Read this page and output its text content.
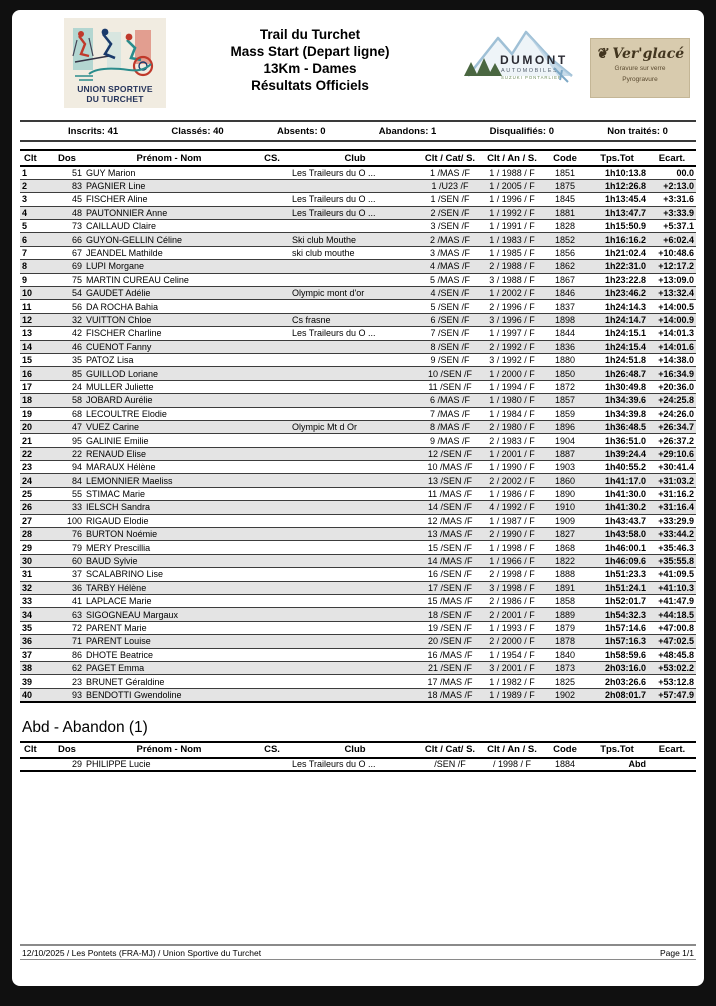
UNION SPORTIVE
DU TURCHET
Trail du Turchet
Mass Start (Depart ligne)
13Km - Dames
Résultats Officiels
DUMONT
AUTOMOBILES
SUZUKI PONTARLIER
❦ Ver'glacé
Gravure sur verre
Pyrogravure
Inscrits: 41	Classés: 40	Absents: 0	Abandons: 1	Disqualifiés: 0	Non traités: 0
Clt	Dos	Prénom - Nom	CS.	Club	Clt / Cat/ S.	Clt / An / S.	Code	Tps.Tot	Ecart.
1	51	GUY Marion		Les Traileurs du O ...	1 /MAS /F	1 / 1988 / F	1851	1h10:13.8	00.0
2	83	PAGNIER Line			1 /U23 /F	1 / 2005 / F	1875	1h12:26.8	+2:13.0
3	45	FISCHER Aline		Les Traileurs du O ...	1 /SEN /F	1 / 1996 / F	1845	1h13:45.4	+3:31.6
4	48	PAUTONNIER Anne		Les Traileurs du O ...	2 /SEN /F	1 / 1992 / F	1881	1h13:47.7	+3:33.9
5	73	CAILLAUD Claire			3 /SEN /F	1 / 1991 / F	1828	1h15:50.9	+5:37.1
6	66	GUYON-GELLIN Céline		Ski club Mouthe	2 /MAS /F	1 / 1983 / F	1852	1h16:16.2	+6:02.4
7	67	JEANDEL Mathilde		ski club mouthe	3 /MAS /F	1 / 1985 / F	1856	1h21:02.4	+10:48.6
8	69	LUPI Morgane			4 /MAS /F	2 / 1988 / F	1862	1h22:31.0	+12:17.2
9	75	MARTIN CUREAU Celine			5 /MAS /F	3 / 1988 / F	1867	1h23:22.8	+13:09.0
10	54	GAUDET Adélie		Olympic mont d'or	4 /SEN /F	1 / 2002 / F	1846	1h23:46.2	+13:32.4
11	56	DA ROCHA Bahia			5 /SEN /F	2 / 1996 / F	1837	1h24:14.3	+14:00.5
12	32	VUITTON Chloe		Cs frasne	6 /SEN /F	3 / 1996 / F	1898	1h24:14.7	+14:00.9
13	42	FISCHER Charline		Les Traileurs du O ...	7 /SEN /F	1 / 1997 / F	1844	1h24:15.1	+14:01.3
14	46	CUENOT Fanny			8 /SEN /F	2 / 1992 / F	1836	1h24:15.4	+14:01.6
15	35	PATOZ Lisa			9 /SEN /F	3 / 1992 / F	1880	1h24:51.8	+14:38.0
16	85	GUILLOD Loriane			10 /SEN /F	1 / 2000 / F	1850	1h26:48.7	+16:34.9
17	24	MULLER Juliette			11 /SEN /F	1 / 1994 / F	1872	1h30:49.8	+20:36.0
18	58	JOBARD Aurélie			6 /MAS /F	1 / 1980 / F	1857	1h34:39.6	+24:25.8
19	68	LECOULTRE Elodie			7 /MAS /F	1 / 1984 / F	1859	1h34:39.8	+24:26.0
20	47	VUEZ Carine		Olympic Mt d Or	8 /MAS /F	2 / 1980 / F	1896	1h36:48.5	+26:34.7
21	95	GALINIE Emilie			9 /MAS /F	2 / 1983 / F	1904	1h36:51.0	+26:37.2
22	22	RENAUD Elise			12 /SEN /F	1 / 2001 / F	1887	1h39:24.4	+29:10.6
23	94	MARAUX Hélène			10 /MAS /F	1 / 1990 / F	1903	1h40:55.2	+30:41.4
24	84	LEMONNIER Maeliss			13 /SEN /F	2 / 2002 / F	1860	1h41:17.0	+31:03.2
25	55	STIMAC Marie			11 /MAS /F	1 / 1986 / F	1890	1h41:30.0	+31:16.2
26	33	IELSCH Sandra			14 /SEN /F	4 / 1992 / F	1910	1h41:30.2	+31:16.4
27	100	RIGAUD Elodie			12 /MAS /F	1 / 1987 / F	1909	1h43:43.7	+33:29.9
28	76	BURTON Noémie			13 /MAS /F	2 / 1990 / F	1827	1h43:58.0	+33:44.2
29	79	MERY Prescillia			15 /SEN /F	1 / 1998 / F	1868	1h46:00.1	+35:46.3
30	60	BAUD Sylvie			14 /MAS /F	1 / 1966 / F	1822	1h46:09.6	+35:55.8
31	37	SCALABRINO Lise			16 /SEN /F	2 / 1998 / F	1888	1h51:23.3	+41:09.5
32	36	TARBY Hélène			17 /SEN /F	3 / 1998 / F	1891	1h51:24.1	+41:10.3
33	41	LAPLACE Marie			15 /MAS /F	2 / 1986 / F	1858	1h52:01.7	+41:47.9
34	63	SIGOGNEAU Margaux			18 /SEN /F	2 / 2001 / F	1889	1h54:32.3	+44:18.5
35	72	PARENT Marie			19 /SEN /F	1 / 1993 / F	1879	1h57:14.6	+47:00.8
36	71	PARENT Louise			20 /SEN /F	2 / 2000 / F	1878	1h57:16.3	+47:02.5
37	86	DHOTE Beatrice			16 /MAS /F	1 / 1954 / F	1840	1h58:59.6	+48:45.8
38	62	PAGET Emma			21 /SEN /F	3 / 2001 / F	1873	2h03:16.0	+53:02.2
39	23	BRUNET Géraldine			17 /MAS /F	1 / 1982 / F	1825	2h03:26.6	+53:12.8
40	93	BENDOTTI Gwendoline			18 /MAS /F	1 / 1989 / F	1902	2h08:01.7	+57:47.9
Abd - Abandon (1)
Clt	Dos	Prénom - Nom	CS.	Club	Clt / Cat/ S.	Clt / An / S.	Code	Tps.Tot	Ecart.
	29	PHILIPPE Lucie		Les Traileurs du O ...	/SEN /F	/ 1998 / F	1884	Abd	
12/10/2025 / Les Pontets (FRA-MJ) / Union Sportive du Turchet	Page 1/1
